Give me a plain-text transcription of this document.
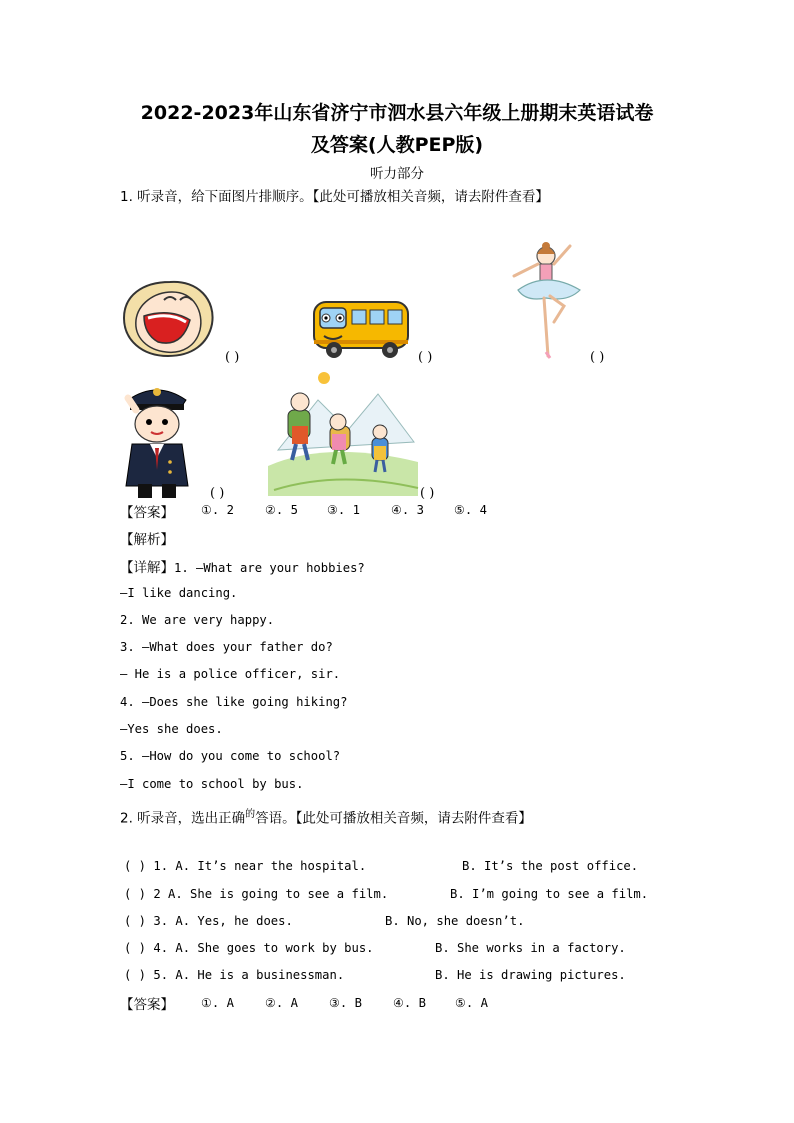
2022-2023年山东省济宁市泗水县六年级上册期末英语试卷
及答案(人教PEP版)
听力部分
1. 听录音，给下面图片排顺序。【此处可播放相关音频，请去附件查看】
( )	( )	( )
( )	( )
【答案】 ①. 2	②. 5 ③. 1	④. 3 ⑤. 4
【解析】
【详解】1. —What are your hobbies?
—I like dancing.
2. We are very happy.
3. —What does your father do?
— He is a police officer, sir.
4. —Does she like going hiking?
—Yes she does.
5. —How do you come to school?
—I come to school by bus.
2. 听录音，选出正确$^的$答语。【此处可播放相关音频，请去附件查看】
( ) 1. A. It’s near the hospital.	B. It’s the post office.
( ) 2 A. She is going to see a film.	B. I’m going to see a film.
( ) 3. A. Yes, he does.	B. No, she doesn’t.
( ) 4. A. She goes to work by bus.	B. She works in a factory.
( ) 5. A. He is a businessman.	B. He is drawing pictures.
【答案】 ①. A	②. A	③. B	④. B ⑤. A
